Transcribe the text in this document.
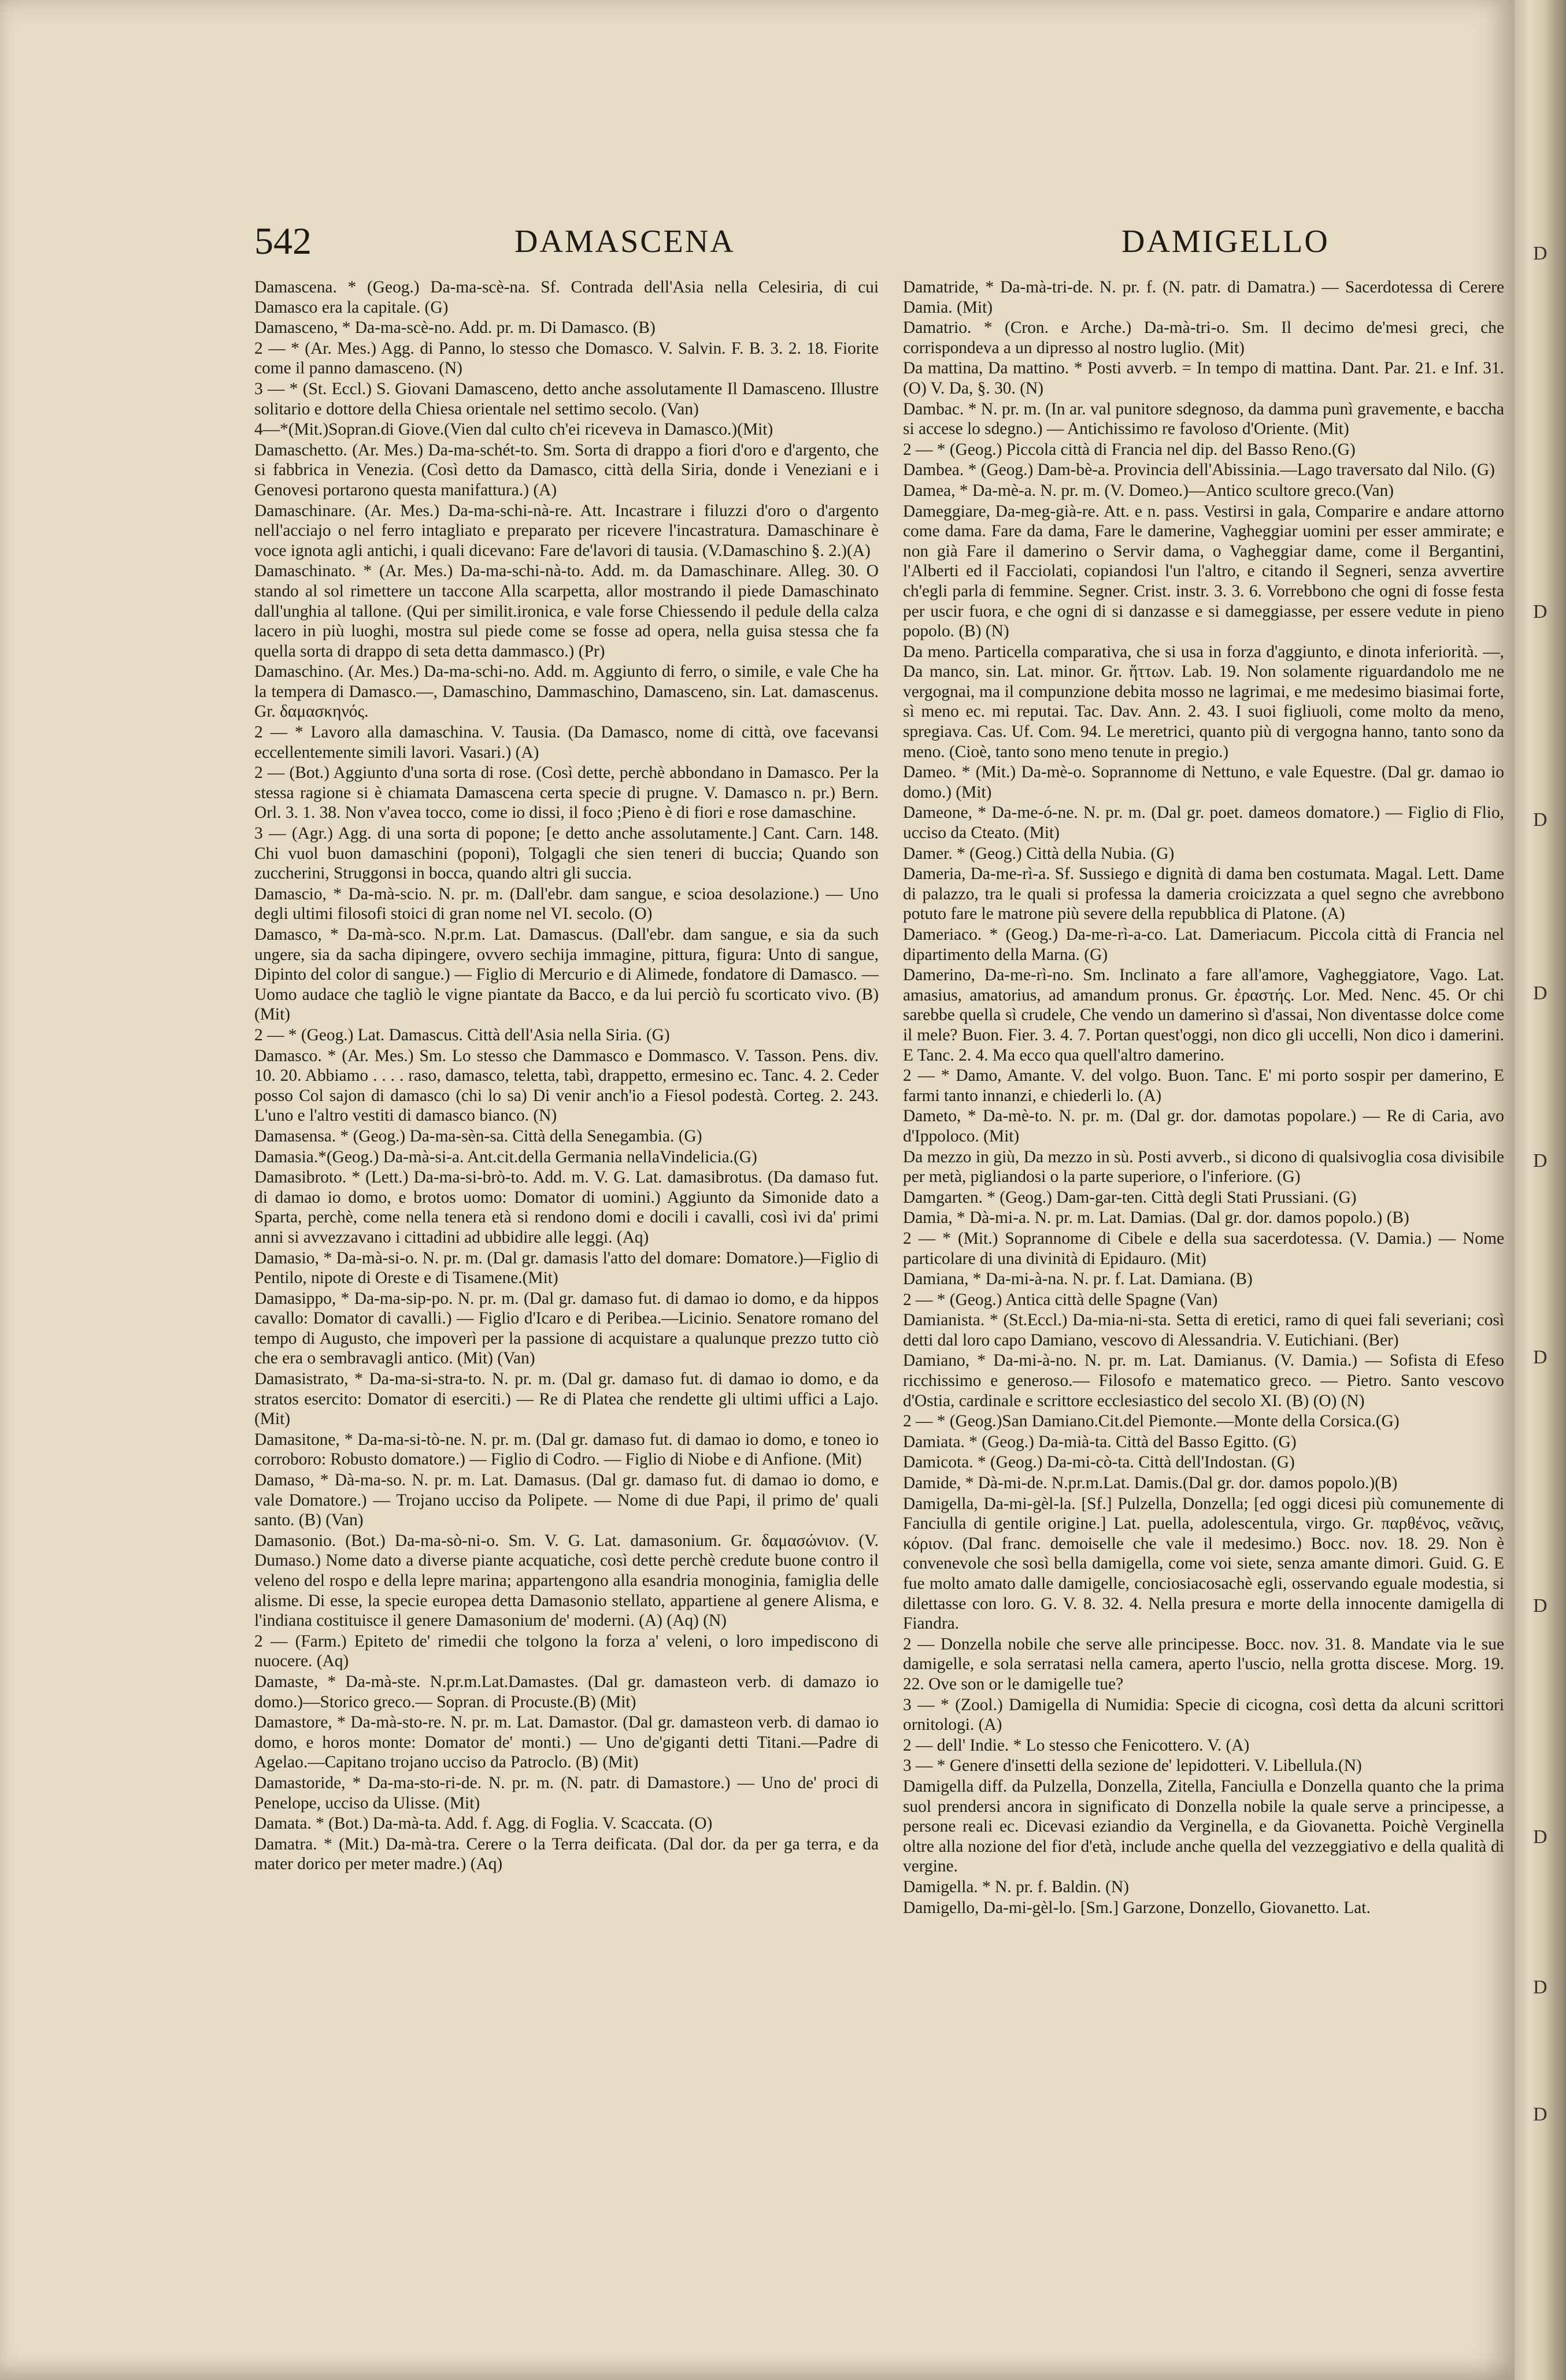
542	DAMASCENA	DAMIGELLO

Damascena. * (Geog.) Da-ma-scè-na. Sf. Contrada dell'Asia nella Celesiria, di cui Damasco era la capitale. (G)

Damasceno, * Da-ma-scè-no. Add. pr. m. Di Damasco. (B)

2 — * (Ar. Mes.) Agg. di Panno, lo stesso che Domasco. V. Salvin. F. B. 3. 2. 18. Fiorite come il panno damasceno. (N)

3 — * (St. Eccl.) S. Giovani Damasceno, detto anche assolutamente Il Damasceno. Illustre solitario e dottore della Chiesa orientale nel settimo secolo. (Van)

4—*(Mit.)Sopran.di Giove.(Vien dal culto ch'ei riceveva in Damasco.)(Mit)

Damaschetto. (Ar. Mes.) Da-ma-schét-to. Sm. Sorta di drappo a fiori d'oro e d'argento, che si fabbrica in Venezia. (Così detto da Damasco, città della Siria, donde i Veneziani e i Genovesi portarono questa manifattura.) (A)

Damaschinare. (Ar. Mes.) Da-ma-schi-nà-re. Att. Incastrare i filuzzi d'oro o d'argento nell'acciajo o nel ferro intagliato e preparato per ricevere l'incastratura. Damaschinare è voce ignota agli antichi, i quali dicevano: Fare de'lavori di tausia. (V.Damaschino §. 2.)(A)

Damaschinato. * (Ar. Mes.) Da-ma-schi-nà-to. Add. m. da Damaschinare. Alleg. 30. O stando al sol rimettere un taccone Alla scarpetta, allor mostrando il piede Damaschinato dall'unghia al tallone. (Qui per similit.ironica, e vale forse Chiessendo il pedule della calza lacero in più luoghi, mostra sul piede come se fosse ad opera, nella guisa stessa che fa quella sorta di drappo di seta detta dammasco.) (Pr)

Damaschino. (Ar. Mes.) Da-ma-schi-no. Add. m. Aggiunto di ferro, o simile, e vale Che ha la tempera di Damasco.—, Damaschino, Dammaschino, Damasceno, sin. Lat. damascenus. Gr. δαμασκηνός.

2 — * Lavoro alla damaschina. V. Tausia. (Da Damasco, nome di città, ove facevansi eccellentemente simili lavori. Vasari.) (A)

2 — (Bot.) Aggiunto d'una sorta di rose. (Così dette, perchè abbondano in Damasco. Per la stessa ragione si è chiamata Damascena certa specie di prugne. V. Damasco n. pr.) Bern. Orl. 3. 1. 38. Non v'avea tocco, come io dissi, il foco ;Pieno è di fiori e rose damaschine.

3 — (Agr.) Agg. di una sorta di popone; [e detto anche assolutamente.] Cant. Carn. 148. Chi vuol buon damaschini (poponi), Tolgagli che sien teneri di buccia; Quando son zuccherini, Struggonsi in bocca, quando altri gli succia.

Damascio, * Da-mà-scio. N. pr. m. (Dall'ebr. dam sangue, e scioa desolazione.) — Uno degli ultimi filosofi stoici di gran nome nel VI. secolo. (O)

Damasco, * Da-mà-sco. N.pr.m. Lat. Damascus. (Dall'ebr. dam sangue, e sia da such ungere, sia da sacha dipingere, ovvero sechija immagine, pittura, figura: Unto di sangue, Dipinto del color di sangue.) — Figlio di Mercurio e di Alimede, fondatore di Damasco. — Uomo audace che tagliò le vigne piantate da Bacco, e da lui perciò fu scorticato vivo. (B) (Mit)

2 — * (Geog.) Lat. Damascus. Città dell'Asia nella Siria. (G)

Damasco. * (Ar. Mes.) Sm. Lo stesso che Dammasco e Dommasco. V. Tasson. Pens. div. 10. 20. Abbiamo . . . . raso, damasco, teletta, tabì, drappetto, ermesino ec. Tanc. 4. 2. Ceder posso Col sajon di damasco (chi lo sa) Di venir anch'io a Fiesol podestà. Corteg. 2. 243. L'uno e l'altro vestiti di damasco bianco. (N)

Damasensa. * (Geog.) Da-ma-sèn-sa. Città della Senegambia. (G)

Damasia.*(Geog.) Da-mà-si-a. Ant.cit.della Germania nellaVindelicia.(G)

Damasibroto. * (Lett.) Da-ma-si-brò-to. Add. m. V. G. Lat. damasibrotus. (Da damaso fut. di damao io domo, e brotos uomo: Domator di uomini.) Aggiunto da Simonide dato a Sparta, perchè, come nella tenera età si rendono domi e docili i cavalli, così ivi da' primi anni si avvezzavano i cittadini ad ubbidire alle leggi. (Aq)

Damasio, * Da-mà-si-o. N. pr. m. (Dal gr. damasis l'atto del domare: Domatore.)—Figlio di Pentilo, nipote di Oreste e di Tisamene.(Mit)

Damasippo, * Da-ma-sip-po. N. pr. m. (Dal gr. damaso fut. di damao io domo, e da hippos cavallo: Domator di cavalli.) — Figlio d'Icaro e di Peribea.—Licinio. Senatore romano del tempo di Augusto, che impoverì per la passione di acquistare a qualunque prezzo tutto ciò che era o sembravagli antico. (Mit) (Van)

Damasistrato, * Da-ma-si-stra-to. N. pr. m. (Dal gr. damaso fut. di damao io domo, e da stratos esercito: Domator di eserciti.) — Re di Platea che rendette gli ultimi uffici a Lajo. (Mit)

Damasitone, * Da-ma-si-tò-ne. N. pr. m. (Dal gr. damaso fut. di damao io domo, e toneo io corroboro: Robusto domatore.) — Figlio di Codro. — Figlio di Niobe e di Anfione. (Mit)

Damaso, * Dà-ma-so. N. pr. m. Lat. Damasus. (Dal gr. damaso fut. di damao io domo, e vale Domatore.) — Trojano ucciso da Polipete. — Nome di due Papi, il primo de' quali santo. (B) (Van)

Damasonio. (Bot.) Da-ma-sò-ni-o. Sm. V. G. Lat. damasonium. Gr. δαμασώνιον. (V. Dumaso.) Nome dato a diverse piante acquatiche, così dette perchè credute buone contro il veleno del rospo e della lepre marina; appartengono alla esandria monoginia, famiglia delle alisme. Di esse, la specie europea detta Damasonio stellato, appartiene al genere Alisma, e l'indiana costituisce il genere Damasonium de' moderni. (A) (Aq) (N)

2 — (Farm.) Epiteto de' rimedii che tolgono la forza a' veleni, o loro impediscono di nuocere. (Aq)

Damaste, * Da-mà-ste. N.pr.m.Lat.Damastes. (Dal gr. damasteon verb. di damazo io domo.)—Storico greco.— Sopran. di Procuste.(B) (Mit)

Damastore, * Da-mà-sto-re. N. pr. m. Lat. Damastor. (Dal gr. damasteon verb. di damao io domo, e horos monte: Domator de' monti.) — Uno de'giganti detti Titani.—Padre di Agelao.—Capitano trojano ucciso da Patroclo. (B) (Mit)

Damastoride, * Da-ma-sto-ri-de. N. pr. m. (N. patr. di Damastore.) — Uno de' proci di Penelope, ucciso da Ulisse. (Mit)

Damata. * (Bot.) Da-mà-ta. Add. f. Agg. di Foglia. V. Scaccata. (O)

Damatra. * (Mit.) Da-mà-tra. Cerere o la Terra deificata. (Dal dor. da per ga terra, e da mater dorico per meter madre.) (Aq)

Damatride, * Da-mà-tri-de. N. pr. f. (N. patr. di Damatra.) — Sacerdotessa di Cerere Damia. (Mit)

Damatrio. * (Cron. e Arche.) Da-mà-tri-o. Sm. Il decimo de'mesi greci, che corrispondeva a un dipresso al nostro luglio. (Mit)

Da mattina, Da mattino. * Posti avverb. = In tempo di mattina. Dant. Par. 21. e Inf. 31. (O) V. Da, §. 30. (N)

Dambac. * N. pr. m. (In ar. val punitore sdegnoso, da damma punì gravemente, e baccha si accese lo sdegno.) — Antichissimo re favoloso d'Oriente. (Mit)

2 — * (Geog.) Piccola città di Francia nel dip. del Basso Reno.(G)

Dambea. * (Geog.) Dam-bè-a. Provincia dell'Abissinia.—Lago traversato dal Nilo. (G)

Damea, * Da-mè-a. N. pr. m. (V. Domeo.)—Antico scultore greco.(Van)

Dameggiare, Da-meg-già-re. Att. e n. pass. Vestirsi in gala, Comparire e andare attorno come dama. Fare da dama, Fare le damerine, Vagheggiar uomini per esser ammirate; e non già Fare il damerino o Servir dama, o Vagheggiar dame, come il Bergantini, l'Alberti ed il Facciolati, copiandosi l'un l'altro, e citando il Segneri, senza avvertire ch'egli parla di femmine. Segner. Crist. instr. 3. 3. 6. Vorrebbono che ogni di fosse festa per uscir fuora, e che ogni di si danzasse e si dameggiasse, per essere vedute in pieno popolo. (B) (N)

Da meno. Particella comparativa, che si usa in forza d'aggiunto, e dinota inferiorità. —, Da manco, sin. Lat. minor. Gr. ἥττων. Lab. 19. Non solamente riguardandolo me ne vergognai, ma il compunzione debita mosso ne lagrimai, e me medesimo biasimai forte, sì meno ec. mi reputai. Tac. Dav. Ann. 2. 43. I suoi figliuoli, come molto da meno, spregiava. Cas. Uf. Com. 94. Le meretrici, quanto più di vergogna hanno, tanto sono da meno. (Cioè, tanto sono meno tenute in pregio.)

Dameo. * (Mit.) Da-mè-o. Soprannome di Nettuno, e vale Equestre. (Dal gr. damao io domo.) (Mit)

Dameone, * Da-me-ó-ne. N. pr. m. (Dal gr. poet. dameos domatore.) — Figlio di Flio, ucciso da Cteato. (Mit)

Damer. * (Geog.) Città della Nubia. (G)

Dameria, Da-me-rì-a. Sf. Sussiego e dignità di dama ben costumata. Magal. Lett. Dame di palazzo, tra le quali si professa la dameria croicizzata a quel segno che avrebbono potuto fare le matrone più severe della repubblica di Platone. (A)

Dameriaco. * (Geog.) Da-me-rì-a-co. Lat. Dameriacum. Piccola città di Francia nel dipartimento della Marna. (G)

Damerino, Da-me-rì-no. Sm. Inclinato a fare all'amore, Vagheggiatore, Vago. Lat. amasius, amatorius, ad amandum pronus. Gr. ἐραστής. Lor. Med. Nenc. 45. Or chi sarebbe quella sì crudele, Che vendo un damerino sì d'assai, Non diventasse dolce come il mele? Buon. Fier. 3. 4. 7. Portan quest'oggi, non dico gli uccelli, Non dico i damerini. E Tanc. 2. 4. Ma ecco qua quell'altro damerino.

2 — * Damo, Amante. V. del volgo. Buon. Tanc. E' mi porto sospir per damerino, E farmi tanto innanzi, e chiederli lo. (A)

Dameto, * Da-mè-to. N. pr. m. (Dal gr. dor. damotas popolare.) — Re di Caria, avo d'Ippoloco. (Mit)

Da mezzo in giù, Da mezzo in sù. Posti avverb., si dicono di qualsivoglia cosa divisibile per metà, pigliandosi o la parte superiore, o l'inferiore. (G)

Damgarten. * (Geog.) Dam-gar-ten. Città degli Stati Prussiani. (G)

Damia, * Dà-mi-a. N. pr. m. Lat. Damias. (Dal gr. dor. damos popolo.) (B)

2 — * (Mit.) Soprannome di Cibele e della sua sacerdotessa. (V. Damia.) — Nome particolare di una divinità di Epidauro. (Mit)

Damiana, * Da-mi-à-na. N. pr. f. Lat. Damiana. (B)

2 — * (Geog.) Antica città delle Spagne (Van)

Damianista. * (St.Eccl.) Da-mia-ni-sta. Setta di eretici, ramo di quei fali severiani; così detti dal loro capo Damiano, vescovo di Alessandria. V. Eutichiani. (Ber)

Damiano, * Da-mi-à-no. N. pr. m. Lat. Damianus. (V. Damia.) — Sofista di Efeso ricchissimo e generoso.— Filosofo e matematico greco. — Pietro. Santo vescovo d'Ostia, cardinale e scrittore ecclesiastico del secolo XI. (B) (O) (N)

2 — * (Geog.)San Damiano.Cit.del Piemonte.—Monte della Corsica.(G)

Damiata. * (Geog.) Da-mià-ta. Città del Basso Egitto. (G)

Damicota. * (Geog.) Da-mi-cò-ta. Città dell'Indostan. (G)

Damide, * Dà-mi-de. N.pr.m.Lat. Damis.(Dal gr. dor. damos popolo.)(B)

Damigella, Da-mi-gèl-la. [Sf.] Pulzella, Donzella; [ed oggi dicesi più comunemente di Fanciulla di gentile origine.] Lat. puella, adolescentula, virgo. Gr. παρθένος, νεᾶνις, κόριον. (Dal franc. demoiselle che vale il medesimo.) Bocc. nov. 18. 29. Non è convenevole che sosì bella damigella, come voi siete, senza amante dimori. Guid. G. E fue molto amato dalle damigelle, conciosiacosachè egli, osservando eguale modestia, si dilettasse con loro. G. V. 8. 32. 4. Nella presura e morte della innocente damigella di Fiandra.

2 — Donzella nobile che serve alle principesse. Bocc. nov. 31. 8. Mandate via le sue damigelle, e sola serratasi nella camera, aperto l'uscio, nella grotta discese. Morg. 19. 22. Ove son or le damigelle tue?

3 — * (Zool.) Damigella di Numidia: Specie di cicogna, così detta da alcuni scrittori ornitologi. (A)

2 — dell' Indie. * Lo stesso che Fenicottero. V. (A)

3 — * Genere d'insetti della sezione de' lepidotteri. V. Libellula.(N)

Damigella diff. da Pulzella, Donzella, Zitella, Fanciulla e Donzella quanto che la prima suol prendersi ancora in significato di Donzella nobile la quale serve a principesse, a persone reali ec. Dicevasi eziandio da Verginella, e da Giovanetta. Poichè Verginella oltre alla nozione del fior d'età, include anche quella del vezzeggiativo e della qualità di vergine.

Damigella. * N. pr. f. Baldin. (N)

Damigello, Da-mi-gèl-lo. [Sm.] Garzone, Donzello, Giovanetto. Lat.

D
D
D
D
D
D
D
D
D
D
